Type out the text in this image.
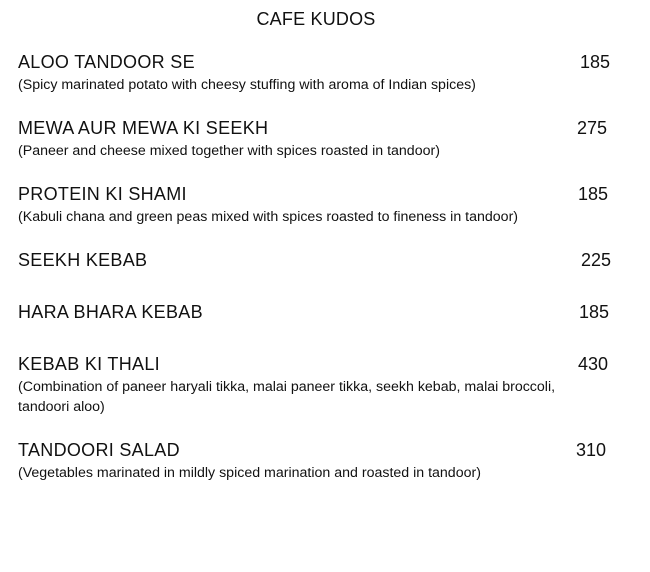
CAFE KUDOS
ALOO TANDOOR SE	185
(Spicy marinated potato with cheesy stuffing with aroma of Indian spices)
MEWA AUR MEWA KI SEEKH	275
(Paneer and cheese mixed together with spices roasted in tandoor)
PROTEIN KI SHAMI	185
(Kabuli chana and green peas mixed with spices roasted to fineness in tandoor)
SEEKH KEBAB	225
HARA BHARA KEBAB	185
KEBAB KI THALI	430
(Combination of paneer haryali tikka, malai paneer tikka, seekh kebab, malai broccoli, tandoori aloo)
TANDOORI SALAD	310
(Vegetables marinated in mildly spiced marination and roasted in tandoor)
